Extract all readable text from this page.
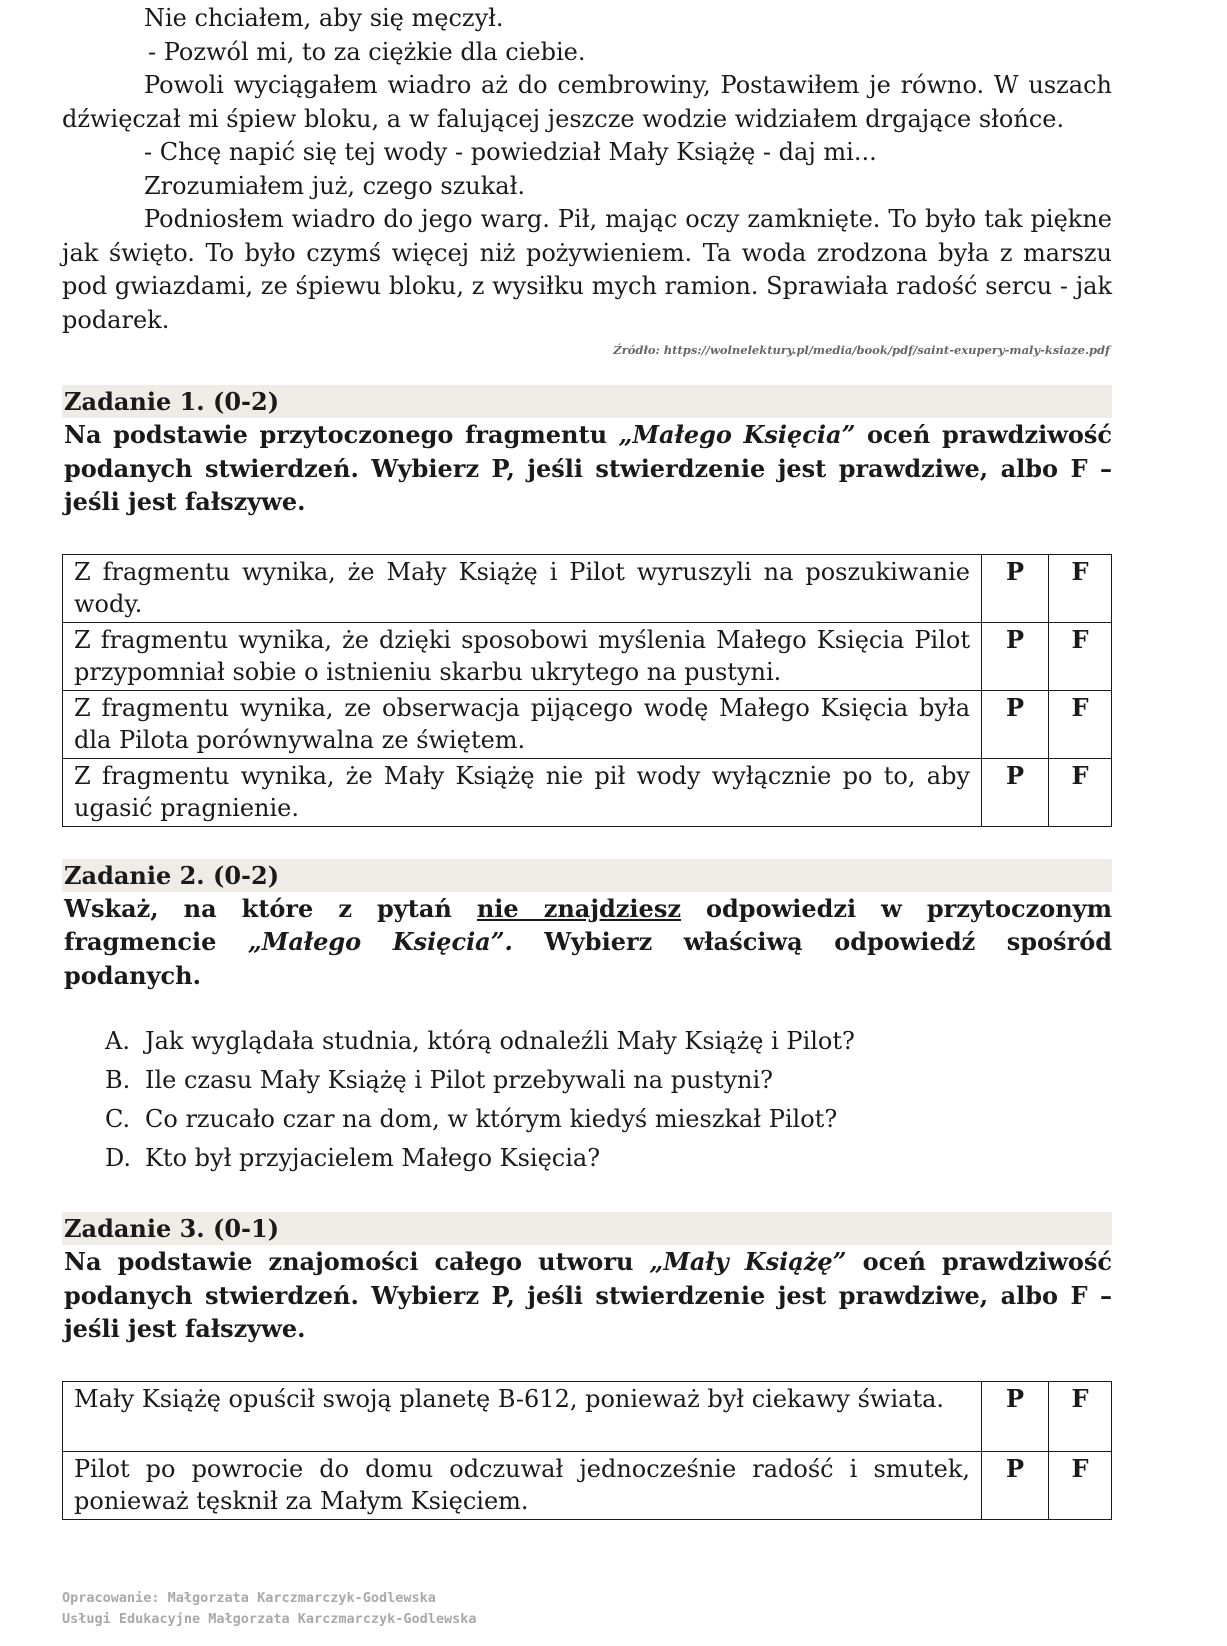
Nie chciałem, aby się męczył.

- Pozwól mi, to za ciężkie dla ciebie.

Powoli wyciągałem wiadro aż do cembrowiny, Postawiłem je równo. W uszach dźwięczał mi śpiew bloku, a w falującej jeszcze wodzie widziałem drgające słońce.

- Chcę napić się tej wody - powiedział Mały Książę - daj mi...

Zrozumiałem już, czego szukał.

Podniosłem wiadro do jego warg. Pił, mając oczy zamknięte. To było tak piękne jak święto. To było czymś więcej niż pożywieniem. Ta woda zrodzona była z marszu pod gwiazdami, ze śpiewu bloku, z wysiłku mych ramion. Sprawiała radość sercu - jak podarek.

Źródło: https://wolnelektury.pl/media/book/pdf/saint-exupery-maly-ksiaze.pdf
Zadanie 1. (0-2)
Na podstawie przytoczonego fragmentu „Małego Księcia” oceń prawdziwość podanych stwierdzeń. Wybierz P, jeśli stwierdzenie jest prawdziwe, albo F – jeśli jest fałszywe.
Z fragmentu wynika, że Mały Książę i Pilot wyruszyli na poszukiwanie wody.	P	F
Z fragmentu wynika, że dzięki sposobowi myślenia Małego Księcia Pilot przypomniał sobie o istnieniu skarbu ukrytego na pustyni.	P	F
Z fragmentu wynika, ze obserwacja pijącego wodę Małego Księcia była dla Pilota porównywalna ze świętem.	P	F
Z fragmentu wynika, że Mały Książę nie pił wody wyłącznie po to, aby ugasić pragnienie.	P	F
Zadanie 2. (0-2)
Wskaż, na które z pytań nie znajdziesz odpowiedzi w przytoczonym fragmencie „Małego Księcia”. Wybierz właściwą odpowiedź spośród podanych.
A. Jak wyglądała studnia, którą odnaleźli Mały Książę i Pilot?
B. Ile czasu Mały Książę i Pilot przebywali na pustyni?
C. Co rzucało czar na dom, w którym kiedyś mieszkał Pilot?
D. Kto był przyjacielem Małego Księcia?
Zadanie 3. (0-1)
Na podstawie znajomości całego utworu „Mały Książę” oceń prawdziwość podanych stwierdzeń. Wybierz P, jeśli stwierdzenie jest prawdziwe, albo F – jeśli jest fałszywe.
Mały Książę opuścił swoją planetę B-612, ponieważ był ciekawy świata.	P	F
Pilot po powrocie do domu odczuwał jednocześnie radość i smutek, ponieważ tęsknił za Małym Księciem.	P	F
Opracowanie: Małgorzata Karczmarczyk-Godlewska
Usługi Edukacyjne Małgorzata Karczmarczyk-Godlewska
